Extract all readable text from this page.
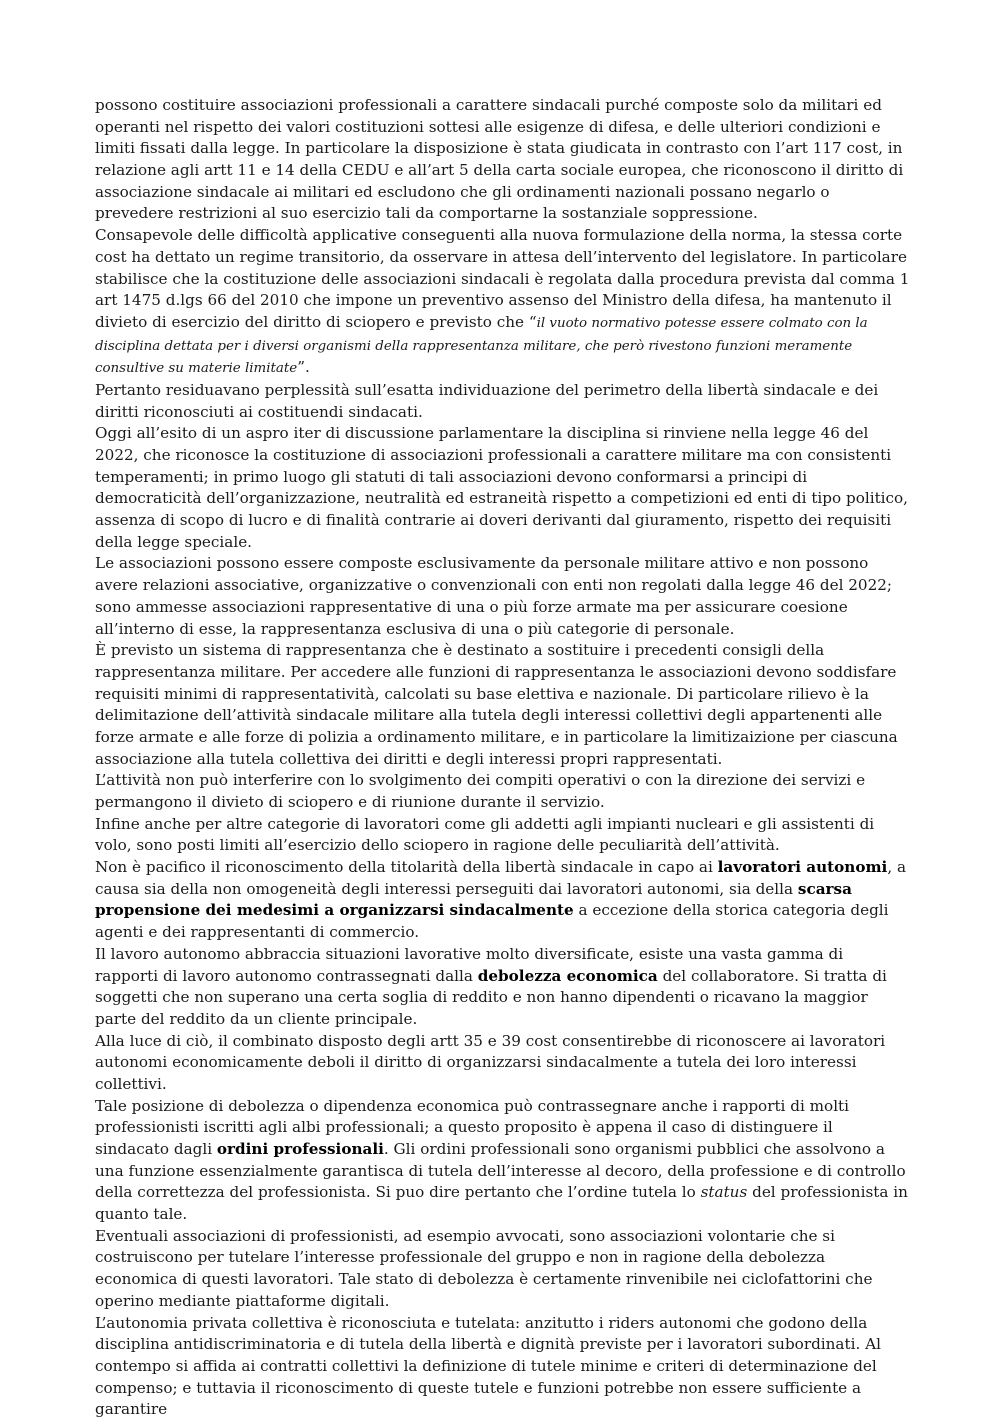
possono costituire associazioni professionali a carattere sindacali purché composte solo da militari ed operanti nel rispetto dei valori costituzioni sottesi alle esigenze di difesa, e delle ulteriori condizioni e limiti fissati dalla legge. In particolare la disposizione è stata giudicata in contrasto con l’art 117 cost, in relazione agli artt 11 e 14 della CEDU e all’art 5 della carta sociale europea, che riconoscono il diritto di associazione sindacale ai militari ed escludono che gli ordinamenti nazionali possano negarlo o prevedere restrizioni al suo esercizio tali da comportarne la sostanziale soppressione.

Consapevole delle difficoltà applicative conseguenti alla nuova formulazione della norma, la stessa corte cost ha dettato un regime transitorio, da osservare in attesa dell’intervento del legislatore. In particolare stabilisce che la costituzione delle associazioni sindacali è regolata dalla procedura prevista dal comma 1 art 1475 d.lgs 66 del 2010 che impone un preventivo assenso del Ministro della difesa, ha mantenuto il divieto di esercizio del diritto di sciopero e previsto che “il vuoto normativo potesse essere colmato con la disciplina dettata per i diversi organismi della rappresentanza militare, che però rivestono funzioni meramente consultive su materie limitate”.

Pertanto residuavano perplessità sull’esatta individuazione del perimetro della libertà sindacale e dei diritti riconosciuti ai costituendi sindacati.

Oggi all’esito di un aspro iter di discussione parlamentare la disciplina si rinviene nella legge 46 del 2022, che riconosce la costituzione di associazioni professionali a carattere militare ma con consistenti temperamenti; in primo luogo gli statuti di tali associazioni devono conformarsi a principi di democraticità dell’organizzazione, neutralità ed estraneità rispetto a competizioni ed enti di tipo politico, assenza di scopo di lucro e di finalità contrarie ai doveri derivanti dal giuramento, rispetto dei requisiti della legge speciale.

Le associazioni possono essere composte esclusivamente da personale militare attivo e non possono avere relazioni associative, organizzative o convenzionali con enti non regolati dalla legge 46 del 2022; sono ammesse associazioni rappresentative di una o più forze armate ma per assicurare coesione all’interno di esse, la rappresentanza esclusiva di una o più categorie di personale.

È previsto un sistema di rappresentanza che è destinato a sostituire i precedenti consigli della rappresentanza militare. Per accedere alle funzioni di rappresentanza le associazioni devono soddisfare requisiti minimi di rappresentatività, calcolati su base elettiva e nazionale. Di particolare rilievo è la delimitazione dell’attività sindacale militare alla tutela degli interessi collettivi degli appartenenti alle forze armate e alle forze di polizia a ordinamento militare, e in particolare la limitizaizione per ciascuna associazione alla tutela collettiva dei diritti e degli interessi propri rappresentati.

L’attività non può interferire con lo svolgimento dei compiti operativi o con la direzione dei servizi e permangono il divieto di sciopero e di riunione durante il servizio.

Infine anche per altre categorie di lavoratori come gli addetti agli impianti nucleari e gli assistenti di volo, sono posti limiti all’esercizio dello sciopero in ragione delle peculiarità dell’attività.

Non è pacifico il riconoscimento della titolarità della libertà sindacale in capo ai lavoratori autonomi, a causa sia della non omogeneità degli interessi perseguiti dai lavoratori autonomi, sia della scarsa propensione dei medesimi a organizzarsi sindacalmente a eccezione della storica categoria degli agenti e dei rappresentanti di commercio.

Il lavoro autonomo abbraccia situazioni lavorative molto diversificate, esiste una vasta gamma di rapporti di lavoro autonomo contrassegnati dalla debolezza economica del collaboratore. Si tratta di soggetti che non superano una certa soglia di reddito e non hanno dipendenti o ricavano la maggior parte del reddito da un cliente principale.

Alla luce di ciò, il combinato disposto degli artt 35 e 39 cost consentirebbe di riconoscere ai lavoratori autonomi economicamente deboli il diritto di organizzarsi sindacalmente a tutela dei loro interessi collettivi.

Tale posizione di debolezza o dipendenza economica può contrassegnare anche i rapporti di molti professionisti iscritti agli albi professionali; a questo proposito è appena il caso di distinguere il sindacato dagli ordini professionali. Gli ordini professionali sono organismi pubblici che assolvono a una funzione essenzialmente garantisca di tutela dell’interesse al decoro, della professione e di controllo della correttezza del professionista. Si puo dire pertanto che l’ordine tutela lo status del professionista in quanto tale.

Eventuali associazioni di professionisti, ad esempio avvocati, sono associazioni volontarie che si costruiscono per tutelare l’interesse professionale del gruppo e non in ragione della debolezza economica di questi lavoratori. Tale stato di debolezza è certamente rinvenibile nei ciclofattorini che operino mediante piattaforme digitali.

L’autonomia privata collettiva è riconosciuta e tutelata: anzitutto i riders autonomi che godono della disciplina antidiscriminatoria e di tutela della libertà e dignità previste per i lavoratori subordinati. Al contempo si affida ai contratti collettivi la definizione di tutele minime e criteri di determinazione del compenso; e tuttavia il riconoscimento di queste tutele e funzioni potrebbe non essere sufficiente a garantire
